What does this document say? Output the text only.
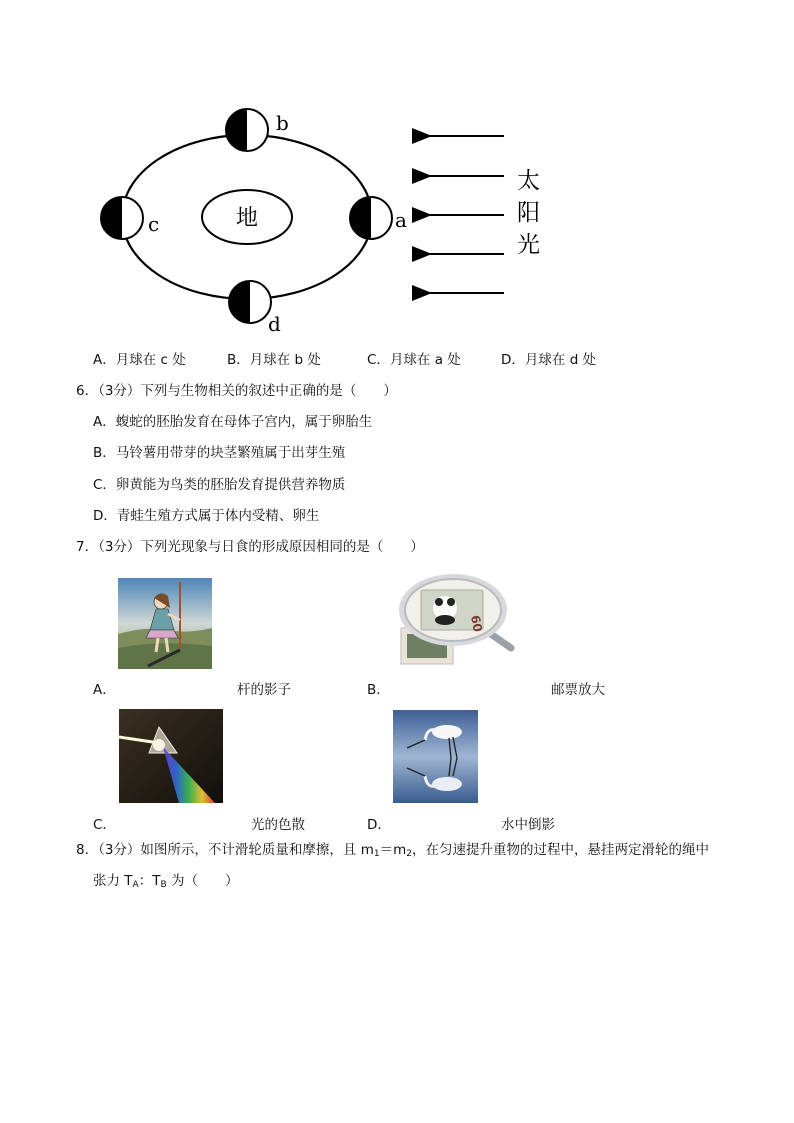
地
b
c	a
d
太
阳
光
A．月球在 c 处	B．月球在 b 处	C．月球在 a 处	D．月球在 d 处
6．（3分）下列与生物相关的叙述中正确的是（　　）
A．蝮蛇的胚胎发育在母体子宫内，属于卵胎生
B．马铃薯用带芽的块茎繁殖属于出芽生殖
C．卵黄能为鸟类的胚胎发育提供营养物质
D．青蛙生殖方式属于体内受精、卵生
7．（3分）下列光现象与日食的形成原因相同的是（　　）
60
A．	杆的影子	B．	邮票放大
C．	光的色散	D．	水中倒影
8．（3分）如图所示，不计滑轮质量和摩擦，且 $m_1=m_2$，在匀速提升重物的过程中，悬挂两定滑轮的绳中
张力 $T_A$：$T_B$ 为（　　）
